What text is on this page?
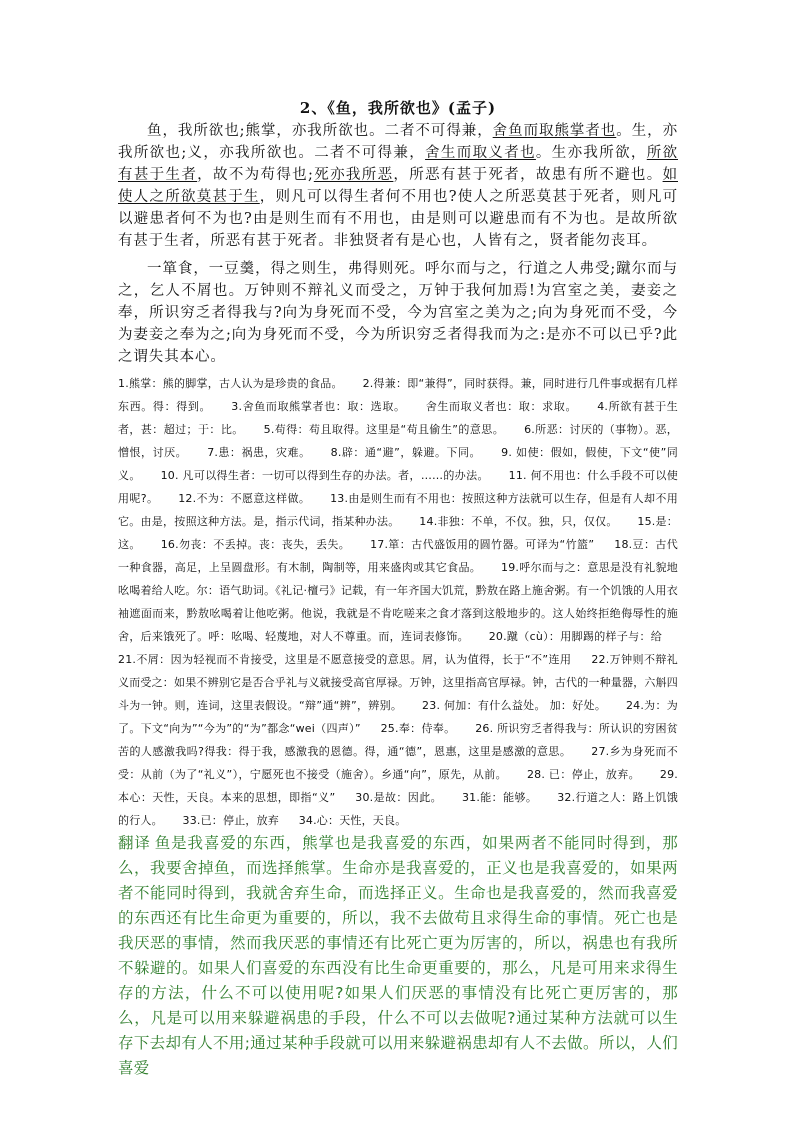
2、《鱼，我所欲也》(孟子)

鱼，我所欲也;熊掌，亦我所欲也。二者不可得兼，舍鱼而取熊掌者也。生，亦我所欲也;义，亦我所欲也。二者不可得兼，舍生而取义者也。生亦我所欲，所欲有甚于生者，故不为苟得也;死亦我所恶，所恶有甚于死者，故患有所不避也。如使人之所欲莫甚于生，则凡可以得生者何不用也?使人之所恶莫甚于死者，则凡可以避患者何不为也?由是则生而有不用也，由是则可以避患而有不为也。是故所欲有甚于生者，所恶有甚于死者。非独贤者有是心也，人皆有之，贤者能勿丧耳。

一箪食，一豆羹，得之则生，弗得则死。呼尔而与之，行道之人弗受;蹴尔而与之，乞人不屑也。万钟则不辩礼义而受之，万钟于我何加焉!为宫室之美，妻妾之奉，所识穷乏者得我与?向为身死而不受，今为宫室之美为之;向为身死而不受，今为妻妾之奉为之;向为身死而不受，今为所识穷乏者得我而为之:是亦不可以已乎?此之谓失其本心。

1.熊掌：熊的脚掌，古人认为是珍贵的食品。 2.得兼：即“兼得”，同时获得。兼，同时进行几件事或据有几样东西。得：得到。 3.舍鱼而取熊掌者也：取：选取。 舍生而取义者也：取：求取。 4.所欲有甚于生者，甚：超过；于：比。 5.苟得：苟且取得。这里是“苟且偷生”的意思。 6.所恶：讨厌的（事物）。恶，憎恨，讨厌。 7.患：祸患，灾难。 8.辟：通“避”，躲避。下同。 9. 如使：假如，假使，下文“使”同义。 10. 凡可以得生者：一切可以得到生存的办法。者，……的办法。 11. 何不用也：什么手段不可以使用呢?。 12.不为：不愿意这样做。 13.由是则生而有不用也：按照这种方法就可以生存，但是有人却不用它。由是，按照这种方法。是，指示代词，指某种办法。 14.非独：不单，不仅。独，只，仅仅。 15.是：这。 16.勿丧：不丢掉。丧：丧失，丢失。 17.箪：古代盛饭用的圆竹器。可译为“竹篮” 18.豆：古代一种食器，高足，上呈圆盘形。有木制，陶制等，用来盛肉或其它食品。 19.呼尔而与之：意思是没有礼貌地吆喝着给人吃。尔：语气助词。《礼记·檀弓》记载，有一年齐国大饥荒，黔敖在路上施舍粥。有一个饥饿的人用衣袖遮面而来，黔敖吆喝着让他吃粥。他说，我就是不肯吃嗟来之食才落到这般地步的。这人始终拒绝侮辱性的施舍，后来饿死了。呼：吆喝、轻蔑地，对人不尊重。而，连词表修饰。 20.蹴（cù）：用脚踢的样子与：给 21.不屑：因为轻视而不肯接受，这里是不愿意接受的意思。屑，认为值得，长于“不”连用 22.万钟则不辩礼义而受之：如果不辨别它是否合乎礼与义就接受高官厚禄。万钟，这里指高官厚禄。钟，古代的一种量器，六斛四斗为一钟。则，连词，这里表假设。“辩”通“辨”，辨别。 23. 何加：有什么益处。 加：好处。 24.为：为了。下文“向为”“今为”的“为”都念“wei（四声）” 25.奉：侍奉。 26. 所识穷乏者得我与：所认识的穷困贫苦的人感激我吗?得我：得于我，感激我的恩德。得，通“德”，恩惠，这里是感激的意思。 27.乡为身死而不受：从前（为了“礼义”），宁愿死也不接受（施舍）。乡通“向”，原先，从前。 28. 已：停止，放弃。 29. 本心：天性，天良。本来的思想，即指“义” 30.是故：因此。 31.能：能够。 32.行道之人：路上饥饿的行人。 33.已：停止，放弃 34.心：天性，天良。
翻译 鱼是我喜爱的东西，熊掌也是我喜爱的东西，如果两者不能同时得到，那么，我要舍掉鱼，而选择熊掌。生命亦是我喜爱的，正义也是我喜爱的，如果两者不能同时得到，我就舍弃生命，而选择正义。生命也是我喜爱的，然而我喜爱的东西还有比生命更为重要的，所以，我不去做苟且求得生命的事情。死亡也是我厌恶的事情，然而我厌恶的事情还有比死亡更为厉害的，所以，祸患也有我所不躲避的。如果人们喜爱的东西没有比生命更重要的，那么，凡是可用来求得生存的方法，什么不可以使用呢?如果人们厌恶的事情没有比死亡更厉害的，那么，凡是可以用来躲避祸患的手段，什么不可以去做呢?通过某种方法就可以生存下去却有人不用;通过某种手段就可以用来躲避祸患却有人不去做。所以，人们喜爱
